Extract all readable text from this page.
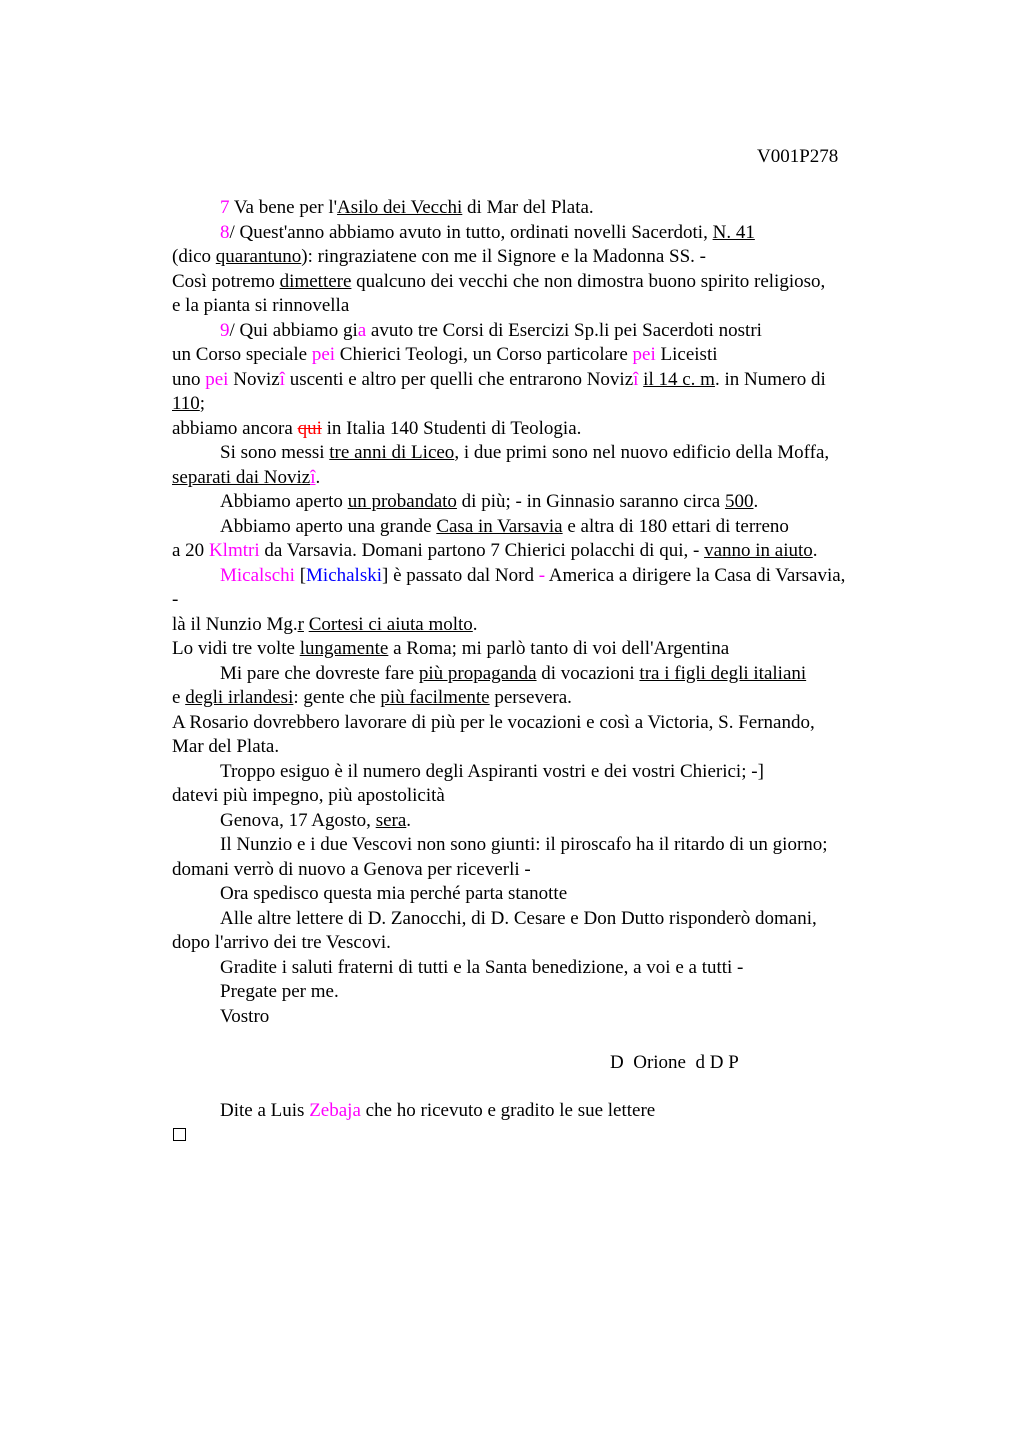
V001P278
7 Va bene per l'Asilo dei Vecchi di Mar del Plata.
8/ Quest'anno abbiamo avuto in tutto, ordinati novelli Sacerdoti, N. 41
(dico quarantuno): ringraziatene con me il Signore e la Madonna SS. -
Così potremo dimettere qualcuno dei vecchi che non dimostra buono spirito religioso,
e la pianta si rinnovella
9/ Qui abbiamo gia avuto tre Corsi di Esercizi Sp.li pei Sacerdoti nostri
un Corso speciale pei Chierici Teologi, un Corso particolare pei Liceisti
uno pei Novizî uscenti e altro per quelli che entrarono Novizî il 14 c. m. in Numero di
110;
abbiamo ancora qui in Italia 140 Studenti di Teologia.
Si sono messi tre anni di Liceo, i due primi sono nel nuovo edificio della Moffa,
separati dai Novizî.
Abbiamo aperto un probandato di più; - in Ginnasio saranno circa 500.
Abbiamo aperto una grande Casa in Varsavia e altra di 180 ettari di terreno
a 20 Klmtri da Varsavia. Domani partono 7 Chierici polacchi di qui, - vanno in aiuto.
Micalschi [Michalski] è passato dal Nord - America a dirigere la Casa di Varsavia,
-
là il Nunzio Mg.r Cortesi ci aiuta molto.
Lo vidi tre volte lungamente a Roma; mi parlò tanto di voi dell'Argentina
Mi pare che dovreste fare più propaganda di vocazioni tra i figli degli italiani
e degli irlandesi: gente che più facilmente persevera.
A Rosario dovrebbero lavorare di più per le vocazioni e così a Victoria, S. Fernando,
Mar del Plata.
Troppo esiguo è il numero degli Aspiranti vostri e dei vostri Chierici; -]
datevi più impegno, più apostolicità
Genova, 17 Agosto, sera.
Il Nunzio e i due Vescovi non sono giunti: il piroscafo ha il ritardo di un giorno;
domani verrò di nuovo a Genova per riceverli -
Ora spedisco questa mia perché parta stanotte
Alle altre lettere di D. Zanocchi, di D. Cesare e Don Dutto risponderò domani,
dopo l'arrivo dei tre Vescovi.
Gradite i saluti fraterni di tutti e la Santa benedizione, a voi e a tutti -
Pregate per me.
Vostro
D  Orione  d D P
Dite a Luis Zebaja che ho ricevuto e gradito le sue lettere
